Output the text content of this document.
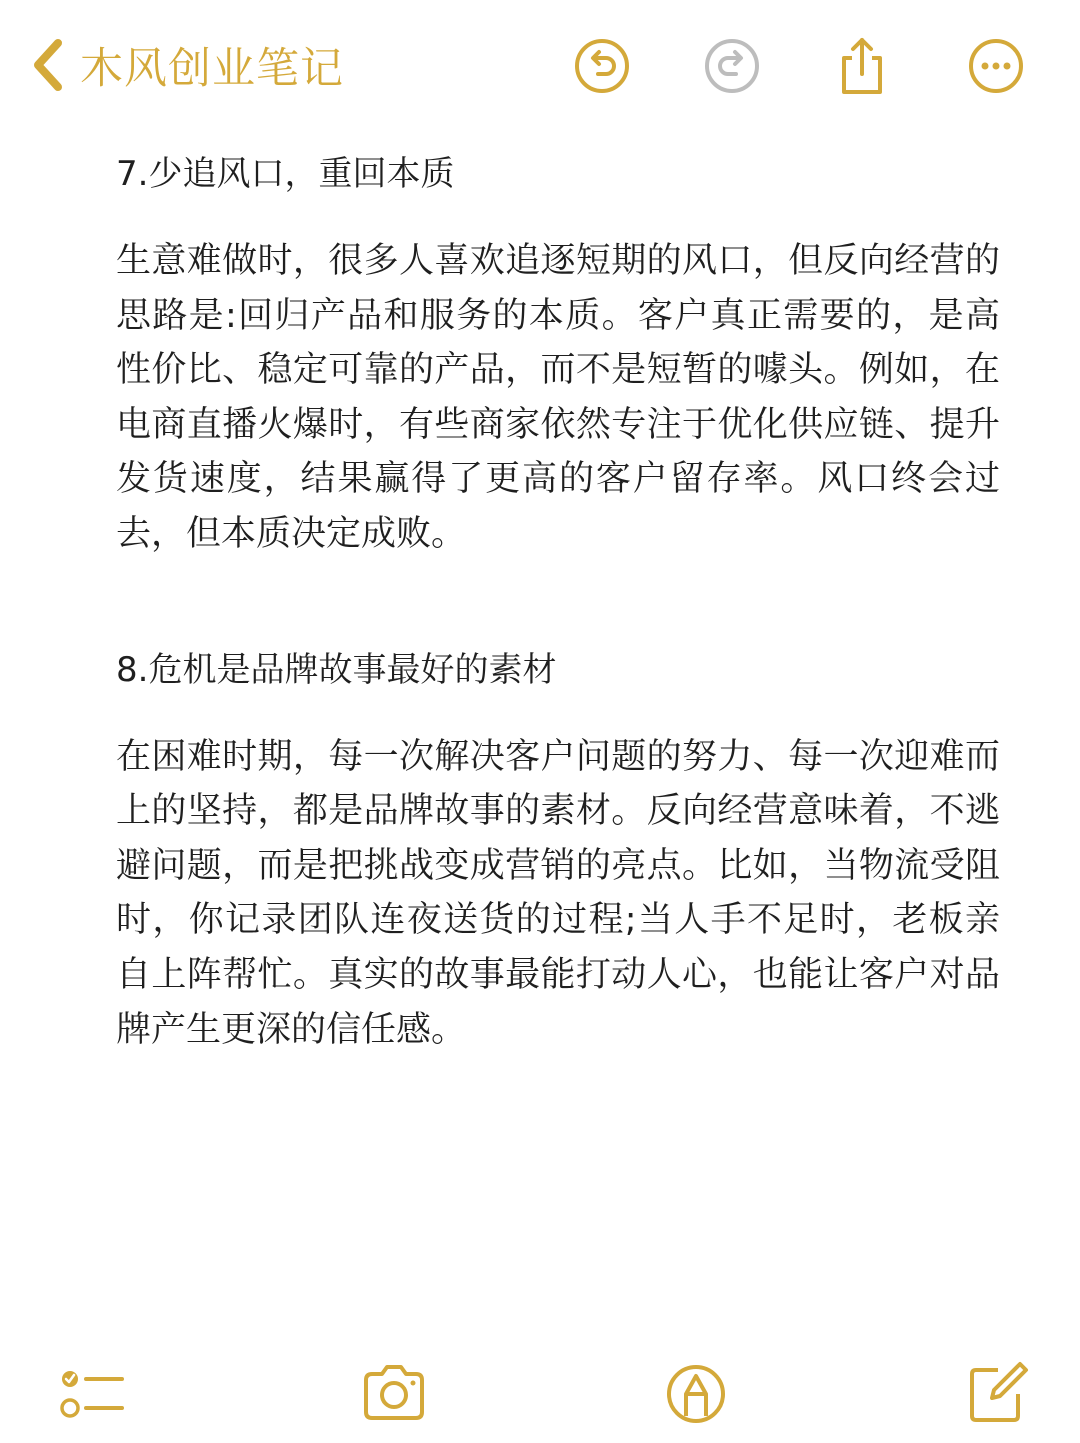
木风创业笔记
7.少追风口，重回本质
生意难做时，很多人喜欢追逐短期的风口，但反向经营的思路是:回归产品和服务的本质。客户真正需要的，是高性价比、稳定可靠的产品，而不是短暂的噱头。例如，在电商直播火爆时，有些商家依然专注于优化供应链、提升发货速度，结果赢得了更高的客户留存率。风口终会过去，但本质决定成败。
8.危机是品牌故事最好的素材
在困难时期，每一次解决客户问题的努力、每一次迎难而上的坚持，都是品牌故事的素材。反向经营意味着，不逃避问题，而是把挑战变成营销的亮点。比如，当物流受阻时，你记录团队连夜送货的过程;当人手不足时，老板亲自上阵帮忙。真实的故事最能打动人心，也能让客户对品牌产生更深的信任感。
